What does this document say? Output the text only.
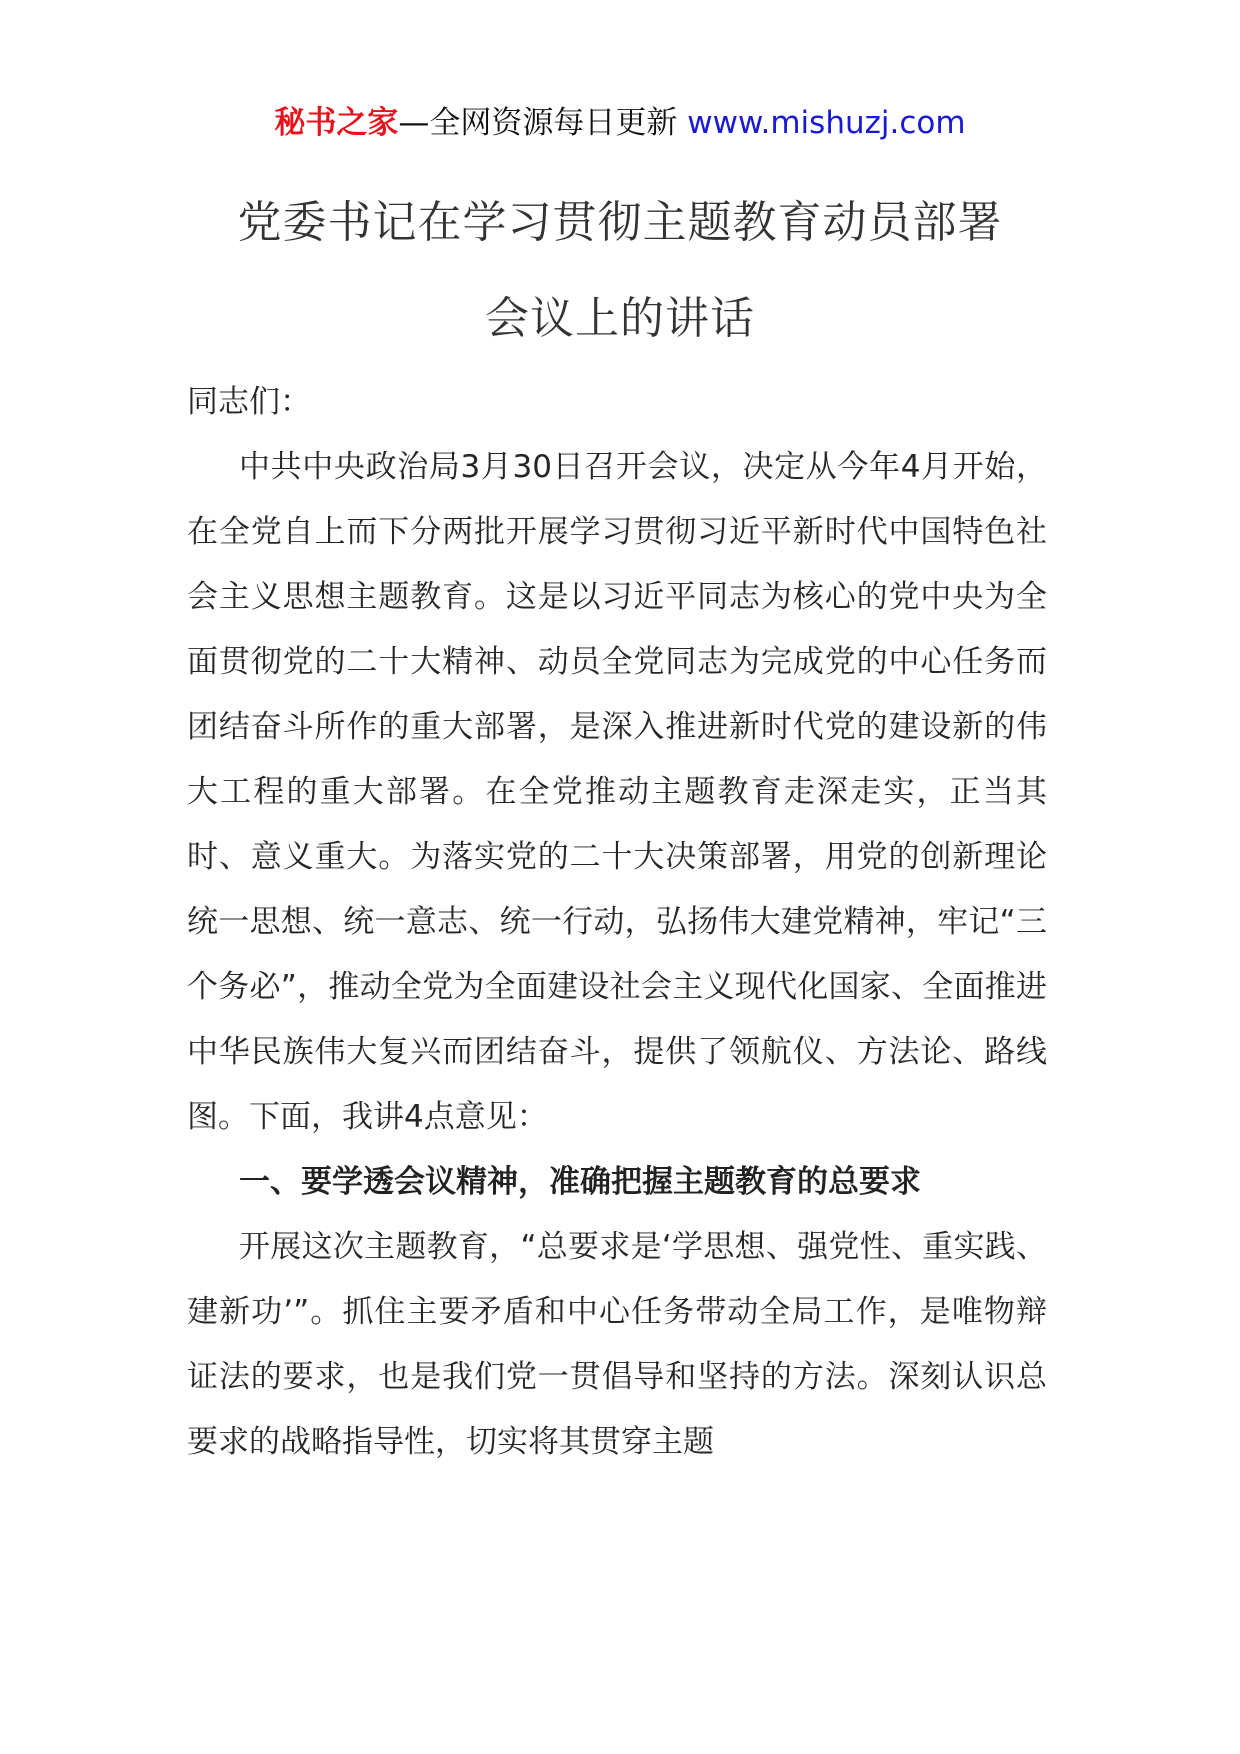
秘书之家—全网资源每日更新 www.mishuzj.com
党委书记在学习贯彻主题教育动员部署
会议上的讲话

同志们：

中共中央政治局3月30日召开会议，决定从今年4月开始，在全党自上而下分两批开展学习贯彻习近平新时代中国特色社会主义思想主题教育。这是以习近平同志为核心的党中央为全面贯彻党的二十大精神、动员全党同志为完成党的中心任务而团结奋斗所作的重大部署，是深入推进新时代党的建设新的伟大工程的重大部署。在全党推动主题教育走深走实，正当其时、意义重大。为落实党的二十大决策部署，用党的创新理论统一思想、统一意志、统一行动，弘扬伟大建党精神，牢记“三个务必”，推动全党为全面建设社会主义现代化国家、全面推进中华民族伟大复兴而团结奋斗，提供了领航仪、方法论、路线图。下面，我讲4点意见：

一、要学透会议精神，准确把握主题教育的总要求

开展这次主题教育，“总要求是‘学思想、强党性、重实践、建新功’”。抓住主要矛盾和中心任务带动全局工作，是唯物辩证法的要求，也是我们党一贯倡导和坚持的方法。深刻认识总要求的战略指导性，切实将其贯穿主题
